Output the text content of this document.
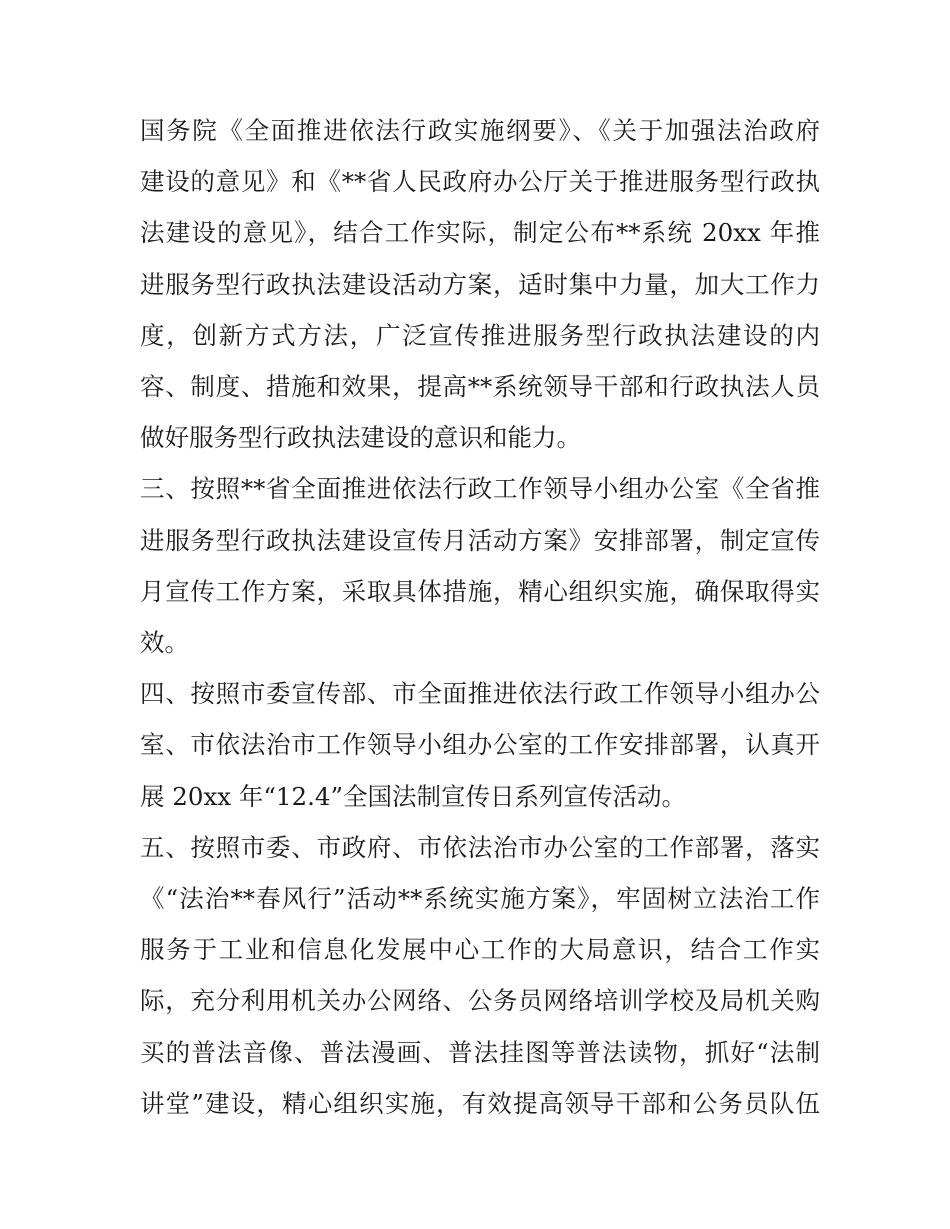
国务院《全面推进依法行政实施纲要》、《关于加强法治政府
建设的意见》和《**省人民政府办公厅关于推进服务型行政执
法建设的意见》，结合工作实际，制定公布**系统 20xx 年推
进服务型行政执法建设活动方案，适时集中力量，加大工作力
度，创新方式方法，广泛宣传推进服务型行政执法建设的内
容、制度、措施和效果，提高**系统领导干部和行政执法人员
做好服务型行政执法建设的意识和能力。

三、按照**省全面推进依法行政工作领导小组办公室《全省推
进服务型行政执法建设宣传月活动方案》安排部署，制定宣传
月宣传工作方案，采取具体措施，精心组织实施，确保取得实
效。

四、按照市委宣传部、市全面推进依法行政工作领导小组办公
室、市依法治市工作领导小组办公室的工作安排部署，认真开
展 20xx 年“12.4”全国法制宣传日系列宣传活动。

五、按照市委、市政府、市依法治市办公室的工作部署，落实
《“法治**春风行”活动**系统实施方案》，牢固树立法治工作
服务于工业和信息化发展中心工作的大局意识，结合工作实
际，充分利用机关办公网络、公务员网络培训学校及局机关购
买的普法音像、普法漫画、普法挂图等普法读物，抓好“法制
讲堂”建设，精心组织实施，有效提高领导干部和公务员队伍
